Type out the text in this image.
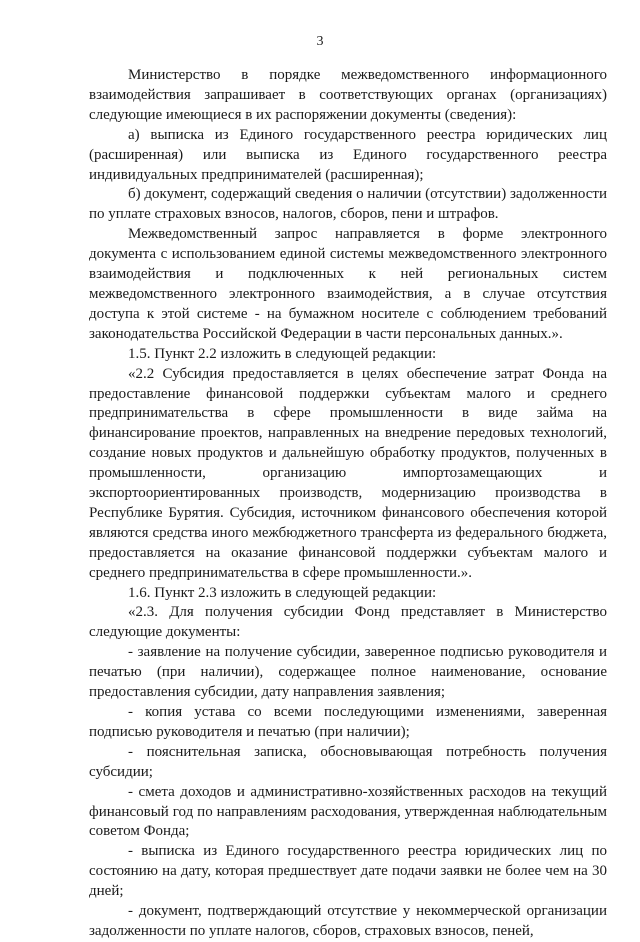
3

Министерство в порядке межведомственного информационного взаимодействия запрашивает в соответствующих органах (организациях) следующие имеющиеся в их распоряжении документы (сведения):

а) выписка из Единого государственного реестра юридических лиц (расширенная) или выписка из Единого государственного реестра индивидуальных предпринимателей (расширенная);

б) документ, содержащий сведения о наличии (отсутствии) задолженности по уплате страховых взносов, налогов, сборов, пени и штрафов.

Межведомственный запрос направляется в форме электронного документа с использованием единой системы межведомственного электронного взаимодействия и подключенных к ней региональных систем межведомственного электронного взаимодействия, а в случае отсутствия доступа к этой системе - на бумажном носителе с соблюдением требований законодательства Российской Федерации в части персональных данных.».

1.5. Пункт 2.2 изложить в следующей редакции:

«2.2 Субсидия предоставляется в целях обеспечение затрат Фонда на предоставление финансовой поддержки субъектам малого и среднего предпринимательства в сфере промышленности в виде займа на финансирование проектов, направленных на внедрение передовых технологий, создание новых продуктов и дальнейшую обработку продуктов, полученных в промышленности, организацию импортозамещающих и экспортоориентированных производств, модернизацию производства в Республике Бурятия. Субсидия, источником финансового обеспечения которой являются средства иного межбюджетного трансферта из федерального бюджета, предоставляется на оказание финансовой поддержки субъектам малого и среднего предпринимательства в сфере промышленности.».

1.6. Пункт 2.3 изложить в следующей редакции:

«2.3. Для получения субсидии Фонд представляет в Министерство следующие документы:

- заявление на получение субсидии, заверенное подписью руководителя и печатью (при наличии), содержащее полное наименование, основание предоставления субсидии, дату направления заявления;

- копия устава со всеми последующими изменениями, заверенная подписью руководителя и печатью (при наличии);

- пояснительная записка, обосновывающая потребность получения субсидии;

- смета доходов и административно-хозяйственных расходов на текущий финансовый год по направлениям расходования, утвержденная наблюдательным советом Фонда;

- выписка из Единого государственного реестра юридических лиц по состоянию на дату, которая предшествует дате подачи заявки не более чем на 30 дней;

- документ, подтверждающий отсутствие у некоммерческой организации задолженности по уплате налогов, сборов, страховых взносов, пеней,
